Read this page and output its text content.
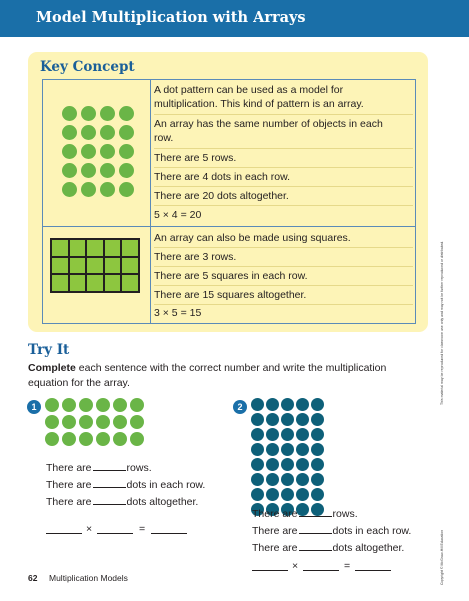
Model Multiplication with Arrays
Key Concept
A dot pattern can be used as a model for
multiplication. This kind of pattern is an array.
An array has the same number of objects in each
row.
There are 5 rows.
There are 4 dots in each row.
There are 20 dots altogether.
5 × 4 = 20
An array can also be made using squares.
There are 3 rows.
There are 5 squares in each row.
There are 15 squares altogether.
3 × 5 = 15
Try It
Complete each sentence with the correct number and write the multiplication
equation for the array.
1
There are	rows.
There are	dots in each row.
There are	dots altogether.
×	=
2
There are	rows.
There are	dots in each row.
There are	dots altogether.
×	=
62 Multiplication Models
This material may be reproduced for classroom use only and may not be further reproduced or distributed.
Copyright © McGraw-Hill Education
